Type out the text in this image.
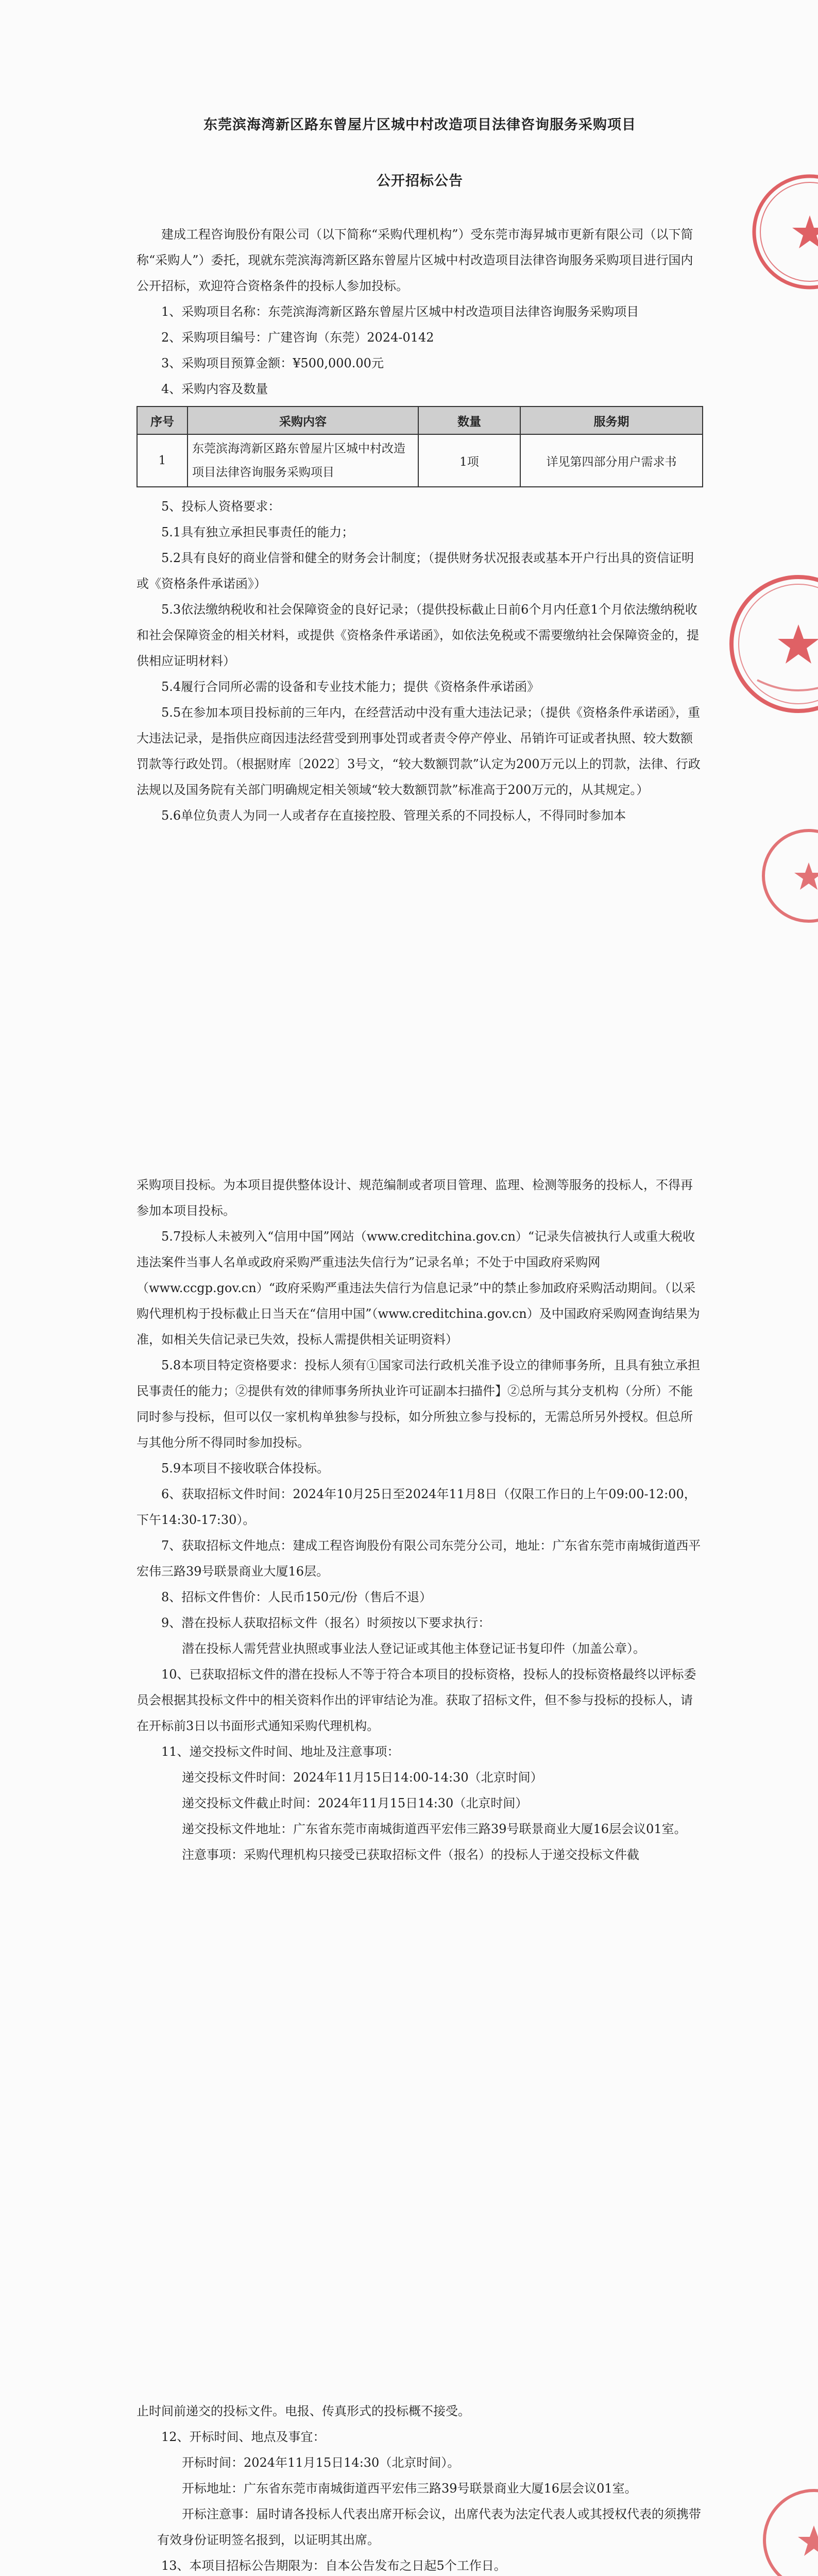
东莞滨海湾新区路东曾屋片区城中村改造项目法律咨询服务采购项目
公开招标公告

建成工程咨询股份有限公司（以下简称“采购代理机构”）受东莞市海昇城市更新有限公司（以下简称“采购人”）委托，现就东莞滨海湾新区路东曾屋片区城中村改造项目法律咨询服务采购项目进行国内公开招标，欢迎符合资格条件的投标人参加投标。

1、采购项目名称：东莞滨海湾新区路东曾屋片区城中村改造项目法律咨询服务采购项目

2、采购项目编号：广建咨询（东莞）2024-0142

3、采购项目预算金额：¥500,000.00元

4、采购内容及数量

序号	采购内容	数量	服务期
1	东莞滨海湾新区路东曾屋片区城中村改造项目法律咨询服务采购项目	1项	详见第四部分用户需求书

5、投标人资格要求：

5.1具有独立承担民事责任的能力；

5.2具有良好的商业信誉和健全的财务会计制度；（提供财务状况报表或基本开户行出具的资信证明或《资格条件承诺函》）

5.3依法缴纳税收和社会保障资金的良好记录；（提供投标截止日前6个月内任意1个月依法缴纳税收和社会保障资金的相关材料，或提供《资格条件承诺函》，如依法免税或不需要缴纳社会保障资金的，提供相应证明材料）

5.4履行合同所必需的设备和专业技术能力；提供《资格条件承诺函》

5.5在参加本项目投标前的三年内，在经营活动中没有重大违法记录；（提供《资格条件承诺函》，重大违法记录，是指供应商因违法经营受到刑事处罚或者责令停产停业、吊销许可证或者执照、较大数额罚款等行政处罚。（根据财库〔2022〕3号文，“较大数额罚款”认定为200万元以上的罚款，法律、行政法规以及国务院有关部门明确规定相关领域“较大数额罚款”标准高于200万元的，从其规定。）

5.6单位负责人为同一人或者存在直接控股、管理关系的不同投标人，不得同时参加本

采购项目投标。为本项目提供整体设计、规范编制或者项目管理、监理、检测等服务的投标人，不得再参加本项目投标。

5.7投标人未被列入“信用中国”网站（www.creditchina.gov.cn）“记录失信被执行人或重大税收违法案件当事人名单或政府采购严重违法失信行为”记录名单；不处于中国政府采购网（www.ccgp.gov.cn）“政府采购严重违法失信行为信息记录”中的禁止参加政府采购活动期间。（以采购代理机构于投标截止日当天在“信用中国”（www.creditchina.gov.cn）及中国政府采购网查询结果为准，如相关失信记录已失效，投标人需提供相关证明资料）

5.8本项目特定资格要求：投标人须有①国家司法行政机关准予设立的律师事务所，且具有独立承担民事责任的能力；②提供有效的律师事务所执业许可证副本扫描件】②总所与其分支机构（分所）不能同时参与投标，但可以仅一家机构单独参与投标，如分所独立参与投标的，无需总所另外授权。但总所与其他分所不得同时参加投标。

5.9本项目不接收联合体投标。

6、获取招标文件时间：2024年10月25日至2024年11月8日（仅限工作日的上午09:00-12:00，下午14:30-17:30）。

7、获取招标文件地点：建成工程咨询股份有限公司东莞分公司，地址：广东省东莞市南城街道西平宏伟三路39号联景商业大厦16层。

8、招标文件售价：人民币150元/份（售后不退）

9、潜在投标人获取招标文件（报名）时须按以下要求执行：

潜在投标人需凭营业执照或事业法人登记证或其他主体登记证书复印件（加盖公章）。

10、已获取招标文件的潜在投标人不等于符合本项目的投标资格，投标人的投标资格最终以评标委员会根据其投标文件中的相关资料作出的评审结论为准。获取了招标文件，但不参与投标的投标人，请在开标前3日以书面形式通知采购代理机构。

11、递交投标文件时间、地址及注意事项：

递交投标文件时间：2024年11月15日14:00-14:30（北京时间）

递交投标文件截止时间：2024年11月15日14:30（北京时间）

递交投标文件地址：广东省东莞市南城街道西平宏伟三路39号联景商业大厦16层会议01室。

注意事项：采购代理机构只接受已获取招标文件（报名）的投标人于递交投标文件截

止时间前递交的投标文件。电报、传真形式的投标概不接受。

12、开标时间、地点及事宜：

开标时间：2024年11月15日14:30（北京时间）。

开标地址：广东省东莞市南城街道西平宏伟三路39号联景商业大厦16层会议01室。

开标注意事：届时请各投标人代表出席开标会议，出席代表为法定代表人或其授权代表的须携带有效身份证明签名报到，以证明其出席。

13、本项目招标公告期限为：自本公告发布之日起5个工作日。
